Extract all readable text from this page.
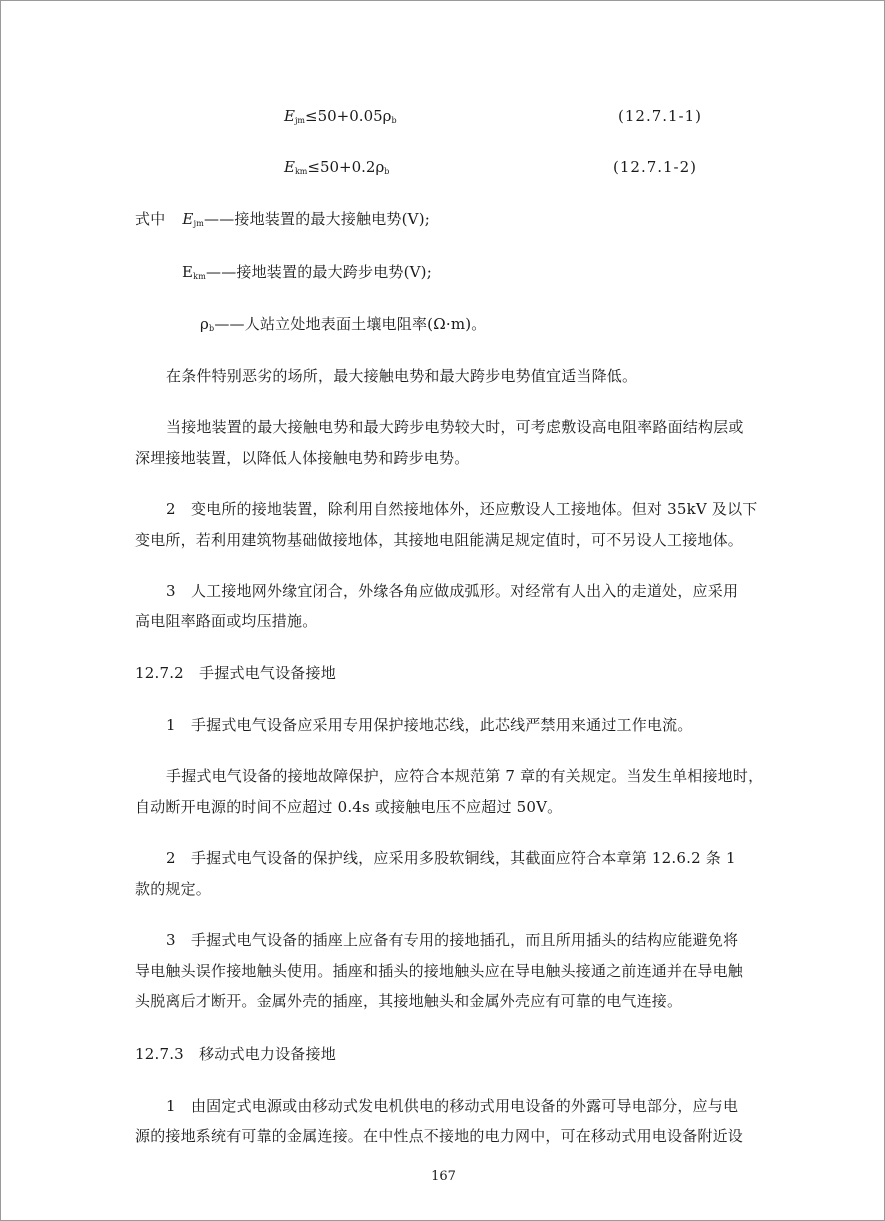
$E_{jm}\le 50+0.05\rho_b$	(12.7.1-1)
$E_{km}\le 50+0.2\rho_b$	(12.7.1-2)
式中 $E_{jm}——$接地装置的最大接触电势(V);
$E_{km}——$接地装置的最大跨步电势(V);
$\rho_b——$人站立处地表面土壤电阻率(Ω·m)。
在条件特别恶劣的场所，最大接触电势和最大跨步电势值宜适当降低。
当接地装置的最大接触电势和最大跨步电势较大时，可考虑敷设高电阻率路面结构层或
深埋接地装置，以降低人体接触电势和跨步电势。
2　变电所的接地装置，除利用自然接地体外，还应敷设人工接地体。但对 35kV 及以下
变电所，若利用建筑物基础做接地体，其接地电阻能满足规定值时，可不另设人工接地体。
3　人工接地网外缘宜闭合，外缘各角应做成弧形。对经常有人出入的走道处，应采用
高电阻率路面或均压措施。
12.7.2　手握式电气设备接地
1　手握式电气设备应采用专用保护接地芯线，此芯线严禁用来通过工作电流。
手握式电气设备的接地故障保护，应符合本规范第 7 章的有关规定。当发生单相接地时，
自动断开电源的时间不应超过 0.4s 或接触电压不应超过 50V。
2　手握式电气设备的保护线，应采用多股软铜线，其截面应符合本章第 12.6.2 条 1
款的规定。
3　手握式电气设备的插座上应备有专用的接地插孔，而且所用插头的结构应能避免将
导电触头误作接地触头使用。插座和插头的接地触头应在导电触头接通之前连通并在导电触
头脱离后才断开。金属外壳的插座，其接地触头和金属外壳应有可靠的电气连接。
12.7.3　移动式电力设备接地
1　由固定式电源或由移动式发电机供电的移动式用电设备的外露可导电部分，应与电
源的接地系统有可靠的金属连接。在中性点不接地的电力网中，可在移动式用电设备附近设
167
